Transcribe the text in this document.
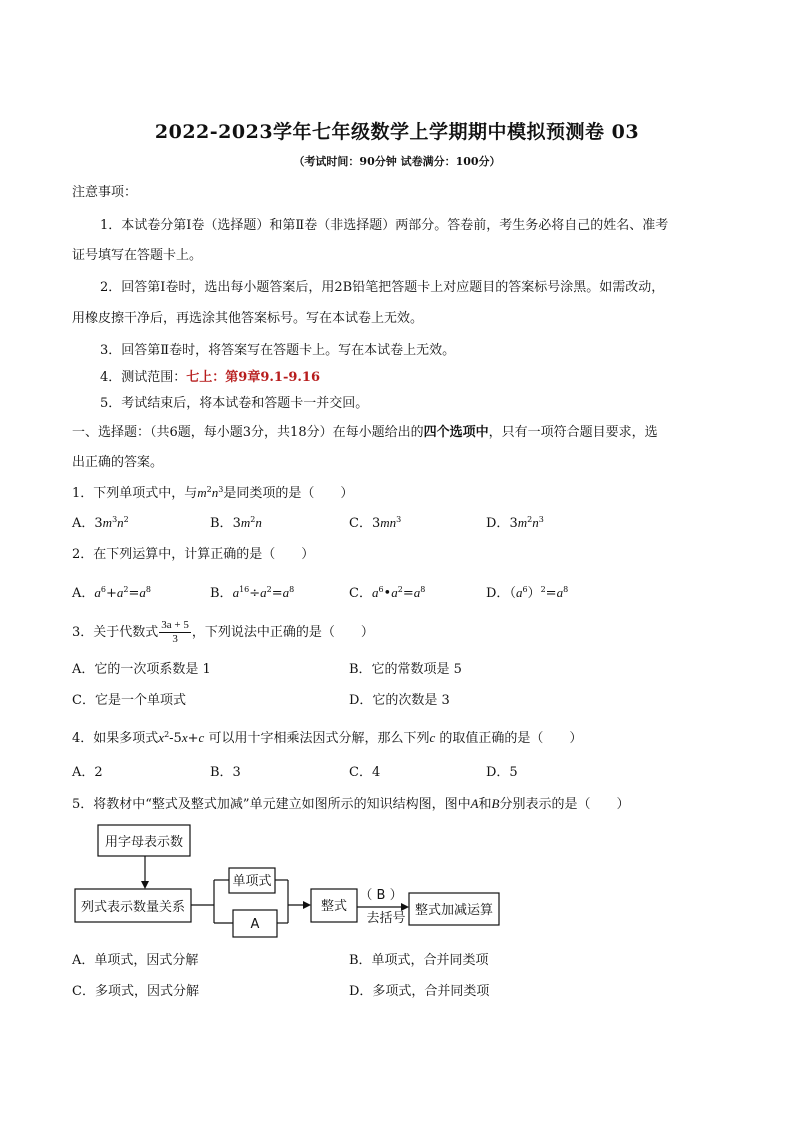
2022-2023学年七年级数学上学期期中模拟预测卷 03
（考试时间：90分钟 试卷满分：100分）
注意事项：
1．本试卷分第Ⅰ卷（选择题）和第Ⅱ卷（非选择题）两部分。答卷前，考生务必将自己的姓名、准考
证号填写在答题卡上。
2．回答第Ⅰ卷时，选出每小题答案后，用2B铅笔把答题卡上对应题目的答案标号涂黑。如需改动，
用橡皮擦干净后，再选涂其他答案标号。写在本试卷上无效。
3．回答第Ⅱ卷时，将答案写在答题卡上。写在本试卷上无效。
4．测试范围：七上：第9章9.1-9.16
5．考试结束后，将本试卷和答题卡一并交回。
一、选择题：（共6题，每小题3分，共18分）在每小题给出的四个选项中，只有一项符合题目要求，选
出正确的答案。
1．下列单项式中，与$m^2n^3$是同类项的是（　　）
A．$3m^3n^2$	B．$3m^2n$	C．$3mn^3$	D．$3m^2n^3$
2．在下列运算中，计算正确的是（　　）
A．$a^6+a^2=a^8$	B．$a^{16}\div a^2=a^8$	C．$a^6•a^2=a^8$	D．$(a^6)^2=a^8$
3．关于代数式 $\frac{3a + 5}{3}$ ，下列说法中正确的是（　　）
A．它的一次项系数是 1	B．它的常数项是 5
C．它是一个单项式	D．它的次数是 3
4．如果多项式$x^2-5x+c$ 可以用十字相乘法因式分解，那么下列c 的取值正确的是（　　）
A．2	B．3	C．4	D．5
5．将教材中“整式及整式加减”单元建立如图所示的知识结构图，图中A和B分别表示的是（　　）
用字母表示数
列式表示数量关系
单项式
A
整式
（ B ）
去括号
整式加减运算
A．单项式，因式分解	B．单项式，合并同类项
C．多项式，因式分解	D．多项式，合并同类项
